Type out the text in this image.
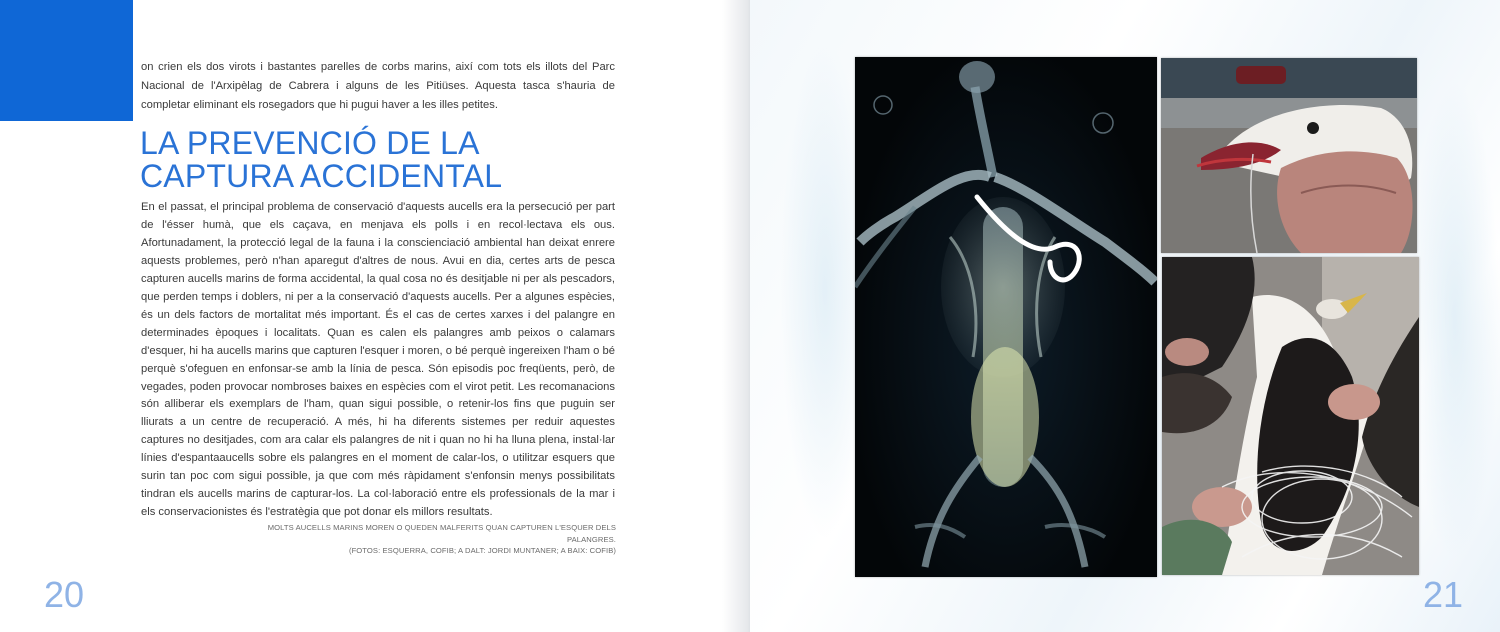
on crien els dos virots i bastantes parelles de corbs marins, així com tots els illots del Parc Nacional de l'Arxipèlag de Cabrera i alguns de les Pitiüses. Aquesta tasca s'hauria de completar eliminant els rosegadors que hi pugui haver a les illes petites.

LA PREVENCIÓ DE LA
CAPTURA ACCIDENTAL

En el passat, el principal problema de conservació d'aquests aucells era la persecució per part de l'ésser humà, que els caçava, en menjava els polls i en recol·lectava els ous. Afortunadament, la protecció legal de la fauna i la conscienciació ambiental han deixat enrere aquests problemes, però n'han aparegut d'altres de nous. Avui en dia, certes arts de pesca capturen aucells marins de forma accidental, la qual cosa no és desitjable ni per als pescadors, que perden temps i doblers, ni per a la conservació d'aquests aucells. Per a algunes espècies, és un dels factors de mortalitat més important. És el cas de certes xarxes i del palangre en determinades èpoques i localitats. Quan es calen els palangres amb peixos o calamars d'esquer, hi ha aucells marins que capturen l'esquer i moren, o bé perquè ingereixen l'ham o bé perquè s'ofeguen en enfonsar-se amb la línia de pesca. Són episodis poc freqüents, però, de vegades, poden provocar nombroses baixes en espècies com el virot petit. Les recomanacions són alliberar els exemplars de l'ham, quan sigui possible, o retenir-los fins que puguin ser lliurats a un centre de recuperació. A més, hi ha diferents sistemes per reduir aquestes captures no desitjades, com ara calar els palangres de nit i quan no hi ha lluna plena, instal·lar línies d'espantaaucells sobre els palangres en el moment de calar-los, o utilitzar esquers que surin tan poc com sigui possible, ja que com més ràpidament s'enfonsin menys possibilitats tindran els aucells marins de capturar-los. La col·laboració entre els professionals de la mar i els conservacionistes és l'estratègia que pot donar els millors resultats.

MOLTS AUCELLS MARINS MOREN O QUEDEN MALFERITS QUAN CAPTUREN L'ESQUER DELS PALANGRES.
(FOTOS: ESQUERRA, COFIB; A DALT: JORDI MUNTANER; A BAIX: COFIB)
20	21
